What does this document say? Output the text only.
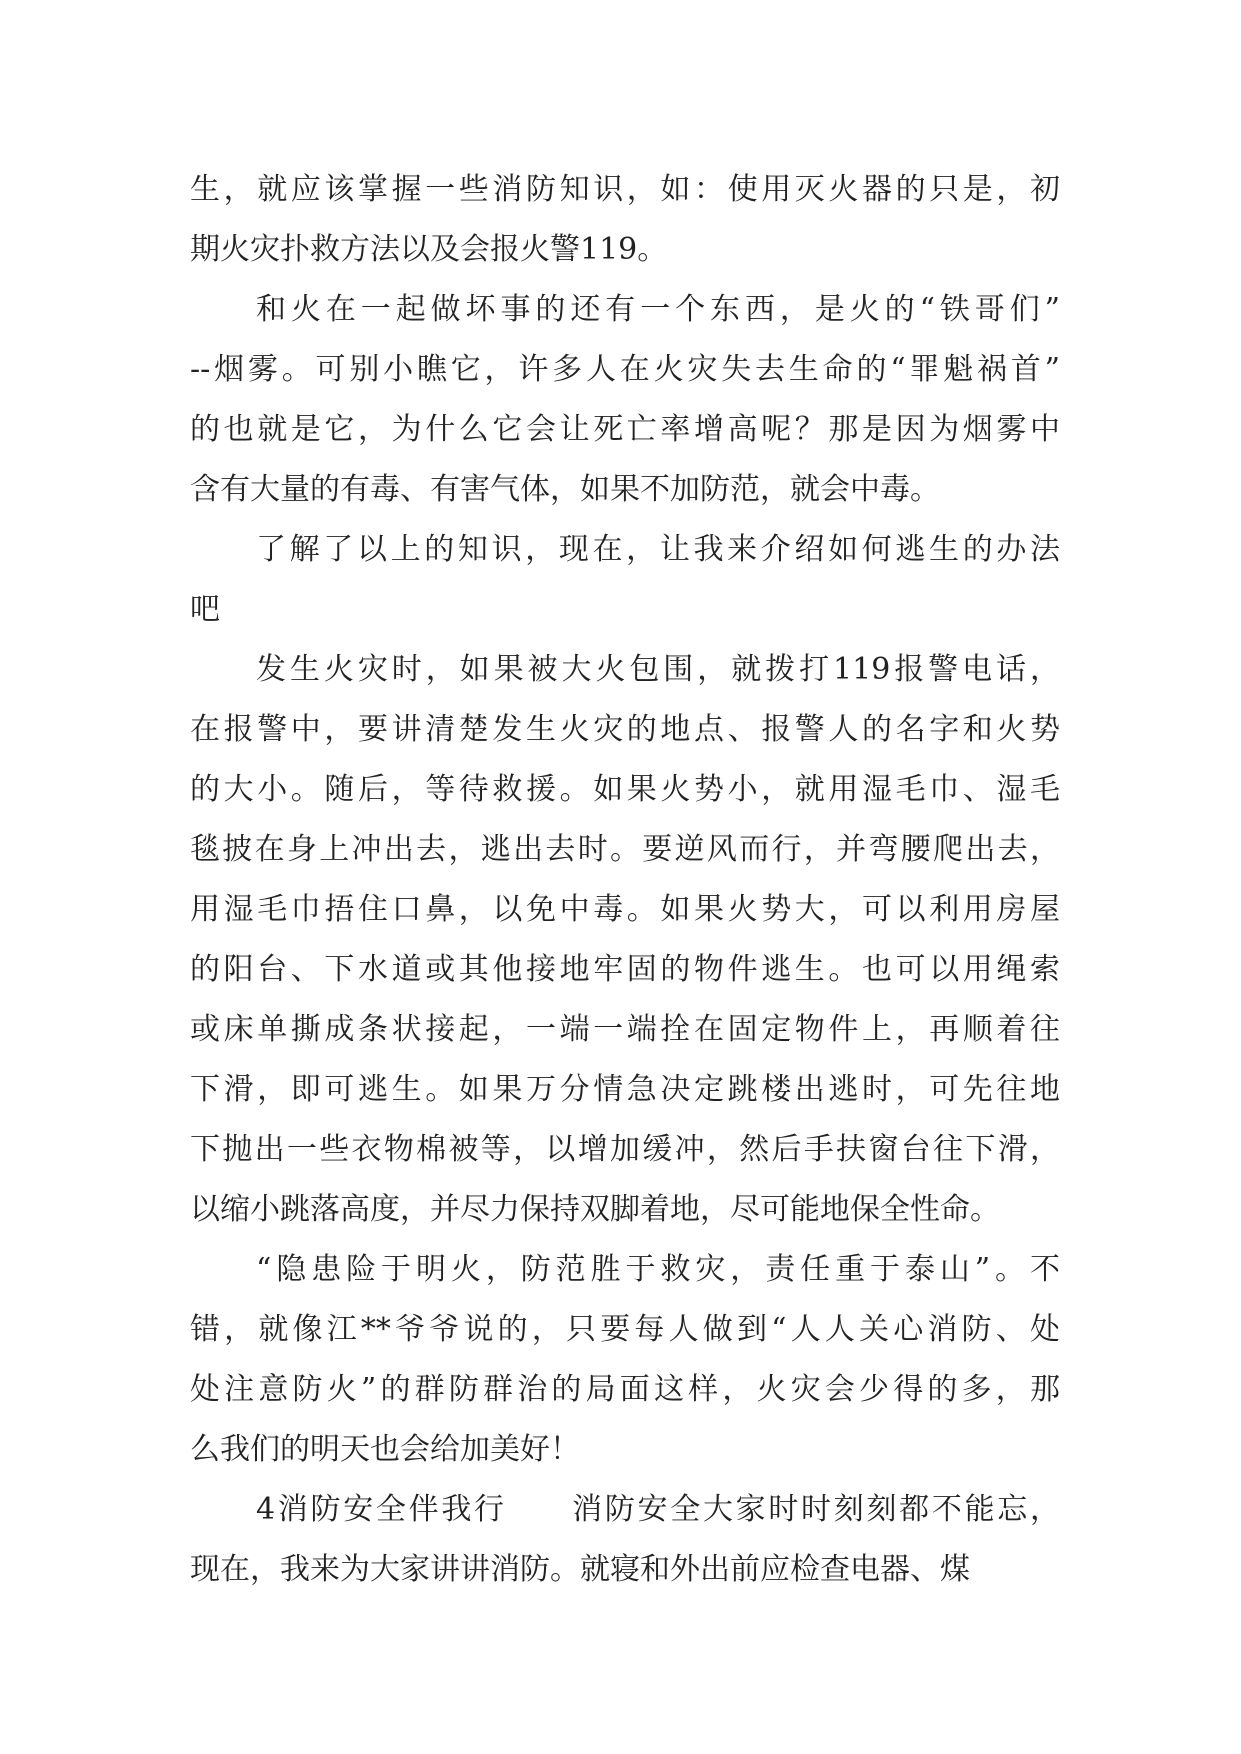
生，就应该掌握一些消防知识，如：使用灭火器的只是，初
期火灾扑救方法以及会报火警119。
和火在一起做坏事的还有一个东西，是火的“铁哥们”
--烟雾。可别小瞧它，许多人在火灾失去生命的“罪魁祸首”
的也就是它，为什么它会让死亡率增高呢？那是因为烟雾中
含有大量的有毒、有害气体，如果不加防范，就会中毒。
了解了以上的知识，现在，让我来介绍如何逃生的办法
吧
发生火灾时，如果被大火包围，就拨打119报警电话，
在报警中，要讲清楚发生火灾的地点、报警人的名字和火势
的大小。随后，等待救援。如果火势小，就用湿毛巾、湿毛
毯披在身上冲出去，逃出去时。要逆风而行，并弯腰爬出去，
用湿毛巾捂住口鼻，以免中毒。如果火势大，可以利用房屋
的阳台、下水道或其他接地牢固的物件逃生。也可以用绳索
或床单撕成条状接起，一端一端拴在固定物件上，再顺着往
下滑，即可逃生。如果万分情急决定跳楼出逃时，可先往地
下抛出一些衣物棉被等，以增加缓冲，然后手扶窗台往下滑，
以缩小跳落高度，并尽力保持双脚着地，尽可能地保全性命。
“隐患险于明火，防范胜于救灾，责任重于泰山”。不
错，就像江**爷爷说的，只要每人做到“人人关心消防、处
处注意防火”的群防群治的局面这样，火灾会少得的多，那
么我们的明天也会给加美好！
4消防安全伴我行　　消防安全大家时时刻刻都不能忘，
现在，我来为大家讲讲消防。就寝和外出前应检查电器、煤
